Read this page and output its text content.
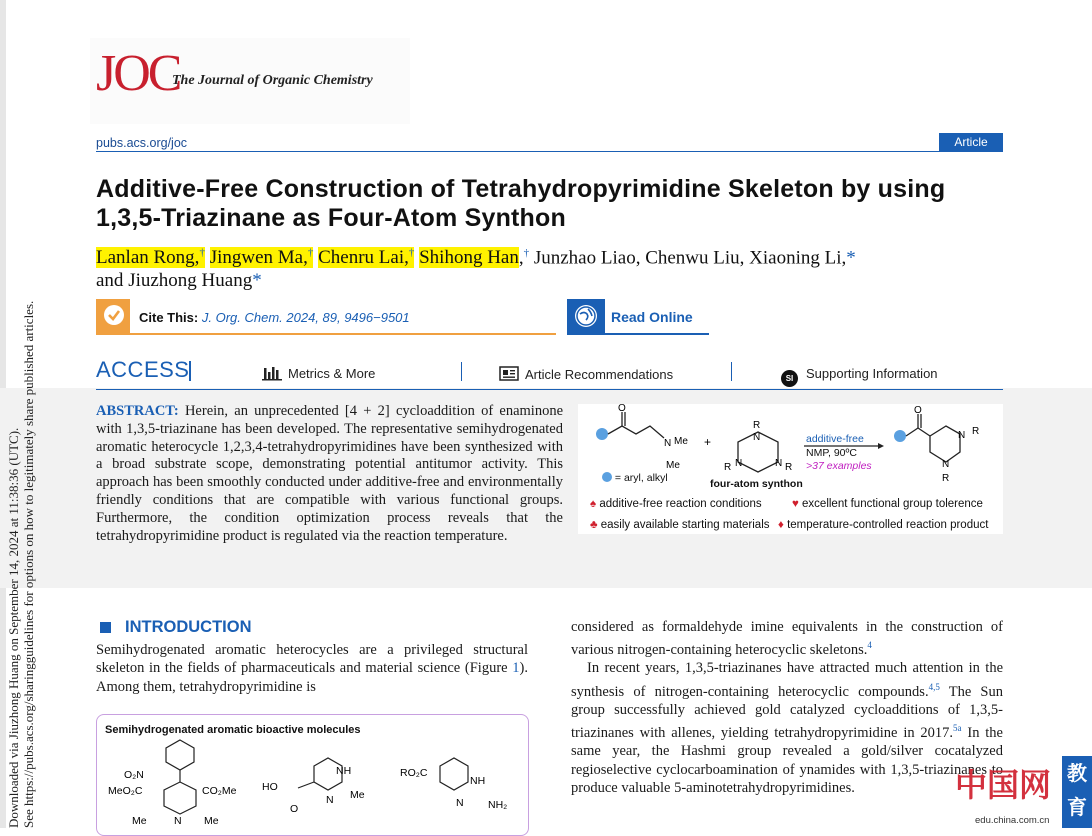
Downloaded via Jiuzhong Huang on September 14, 2024 at 11:38:36 (UTC). See https://pubs.acs.org/sharingguidelines for options on how to legitimately share published articles.
JOC
The Journal of Organic Chemistry
pubs.acs.org/joc	Article
Additive-Free Construction of Tetrahydropyrimidine Skeleton by using 1,3,5-Triazinane as Four-Atom Synthon
Lanlan Rong,† Jingwen Ma,† Chenru Lai,† Shihong Han,† Junzhao Liao, Chenwu Liu, Xiaoning Li,*
and Jiuzhong Huang*
Cite This: J. Org. Chem. 2024, 89, 9496−9501	Read Online
ACCESS	Metrics & More	Article Recommendations	SI Supporting Information
ABSTRACT: Herein, an unprecedented [4 + 2] cycloaddition of enaminone with 1,3,5-triazinane has been developed. The representative semihydrogenated aromatic heterocycle 1,2,3,4-tetrahydropyrimidines have been synthesized with a broad substrate scope, demonstrating potential antitumor activity. This approach has been smoothly conducted under additive-free and environmentally friendly conditions that are compatible with various functional groups. Furthermore, the condition optimization process reveals that the tetrahydropyrimidine product is regulated via the reaction temperature.
O
N Me
Me
+
R
N
R N	N R
additive-free
NMP, 90ºC
>37 examples
O
N R
N
R
= aryl, alkyl	four-atom synthon
♠ additive-free reaction conditions	♥ excellent functional group tolerence
♣ easily available starting materials ♦ temperature-controlled reaction product
INTRODUCTION
Semihydrogenated aromatic heterocycles are a privileged structural skeleton in the fields of pharmaceuticals and material science (Figure 1). Among them, tetrahydropyrimidine is
Semihydrogenated aromatic bioactive molecules
O₂N
MeO₂C	CO₂Me
Me	N Me
HO
O
NH
N Me
RO₂C
NH
N NH₂

considered as formaldehyde imine equivalents in the construction of various nitrogen-containing heterocyclic skeletons.$^4$

In recent years, 1,3,5-triazinanes have attracted much attention in the synthesis of nitrogen-containing heterocyclic compounds.$^{4,5}$ The Sun group successfully achieved gold catalyzed cycloadditions of 1,3,5-triazinanes with allenes, yielding tetrahydropyrimidine in 2017.$^{5a}$ In the same year, the Hashmi group revealed a gold/silver cocatalyzed regioselective cyclocarboamination of ynamides with 1,3,5-triazinanes to produce valuable 5-aminotetrahydropyrimidines.	中国网
edu.china.com.cn
教
育
